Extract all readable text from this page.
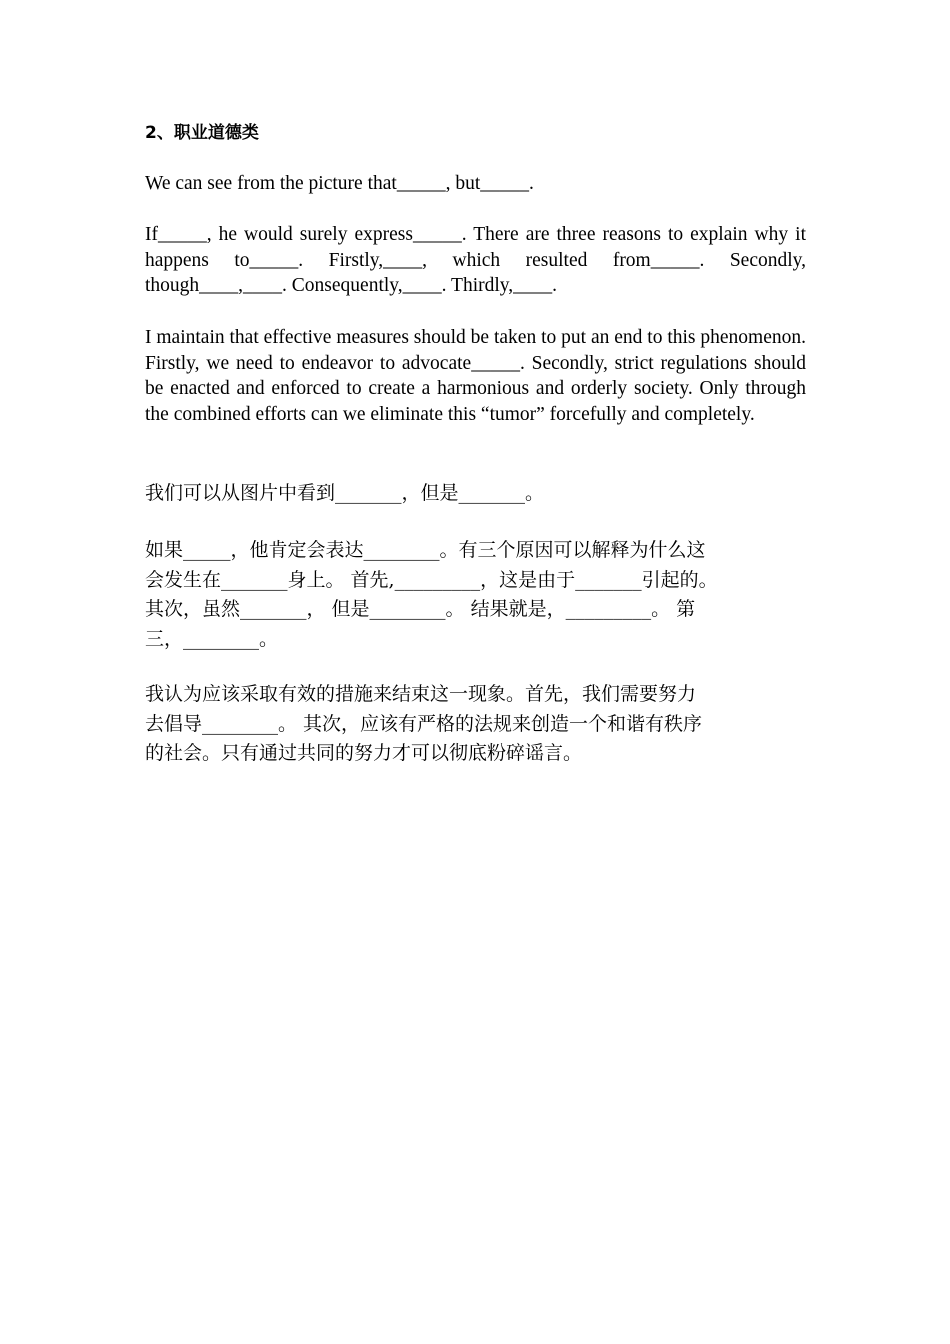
2、职业道德类

We can see from the picture that_____, but_____.

If_____, he would surely express_____. There are three reasons to explain why it happens to_____. Firstly,____, which resulted from_____. Secondly, though____,____. Consequently,____. Thirdly,____.

I maintain that effective measures should be taken to put an end to this phenomenon. Firstly, we need to endeavor to advocate_____. Secondly, strict regulations should be enacted and enforced to create a harmonious and orderly society. Only through the combined efforts can we eliminate this “tumor” forcefully and completely.

我们可以从图片中看到_______，但是_______。

如果_____，他肯定会表达________。有三个原因可以解释为什么这
会发生在_______身上。 首先,_________，这是由于_______引起的。
其次，虽然_______， 但是________。 结果就是，_________。 第
三，________。
我认为应该采取有效的措施来结束这一现象。首先，我们需要努力
去倡导________。 其次，应该有严格的法规来创造一个和谐有秩序
的社会。只有通过共同的努力才可以彻底粉碎谣言。
